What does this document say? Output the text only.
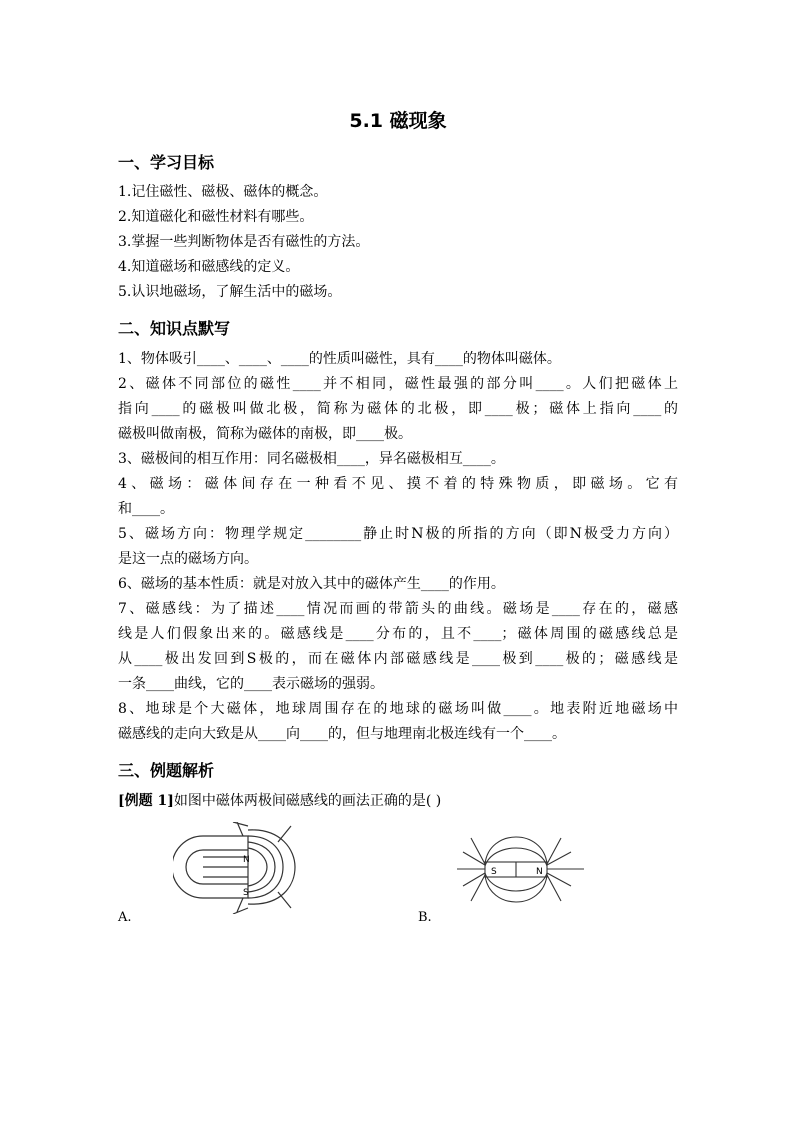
5.1 磁现象
一、学习目标
1.记住磁性、磁极、磁体的概念。
2.知道磁化和磁性材料有哪些。
3.掌握一些判断物体是否有磁性的方法。
4.知道磁场和磁感线的定义。
5.认识地磁场，了解生活中的磁场。
二、知识点默写
1、物体吸引____、____、____的性质叫磁性，具有____的物体叫磁体。
2、磁体不同部位的磁性____并不相同，磁性最强的部分叫____。人们把磁体上
指向____的磁极叫做北极，简称为磁体的北极，即____极；磁体上指向____的
磁极叫做南极，简称为磁体的南极，即____极。
3、磁极间的相互作用：同名磁极相____，异名磁极相互____。
4、磁场：磁体间存在一种看不见、摸不着的特殊物质，即磁场。它有
和____。
5、磁场方向：物理学规定________静止时N极的所指的方向（即N极受力方向）
是这一点的磁场方向。
6、磁场的基本性质：就是对放入其中的磁体产生____的作用。
7、磁感线：为了描述____情况而画的带箭头的曲线。磁场是____存在的，磁感
线是人们假象出来的。磁感线是____分布的，且不____；磁体周围的磁感线总是
从____极出发回到S极的，而在磁体内部磁感线是____极到____极的；磁感线是
一条____曲线，它的____表示磁场的强弱。
8、地球是个大磁体，地球周围存在的地球的磁场叫做____。地表附近地磁场中
磁感线的走向大致是从____向____的，但与地理南北极连线有一个____。
三、例题解析
[例题 1]如图中磁体两极间磁感线的画法正确的是( )
N
S
A.
S	N
B.
